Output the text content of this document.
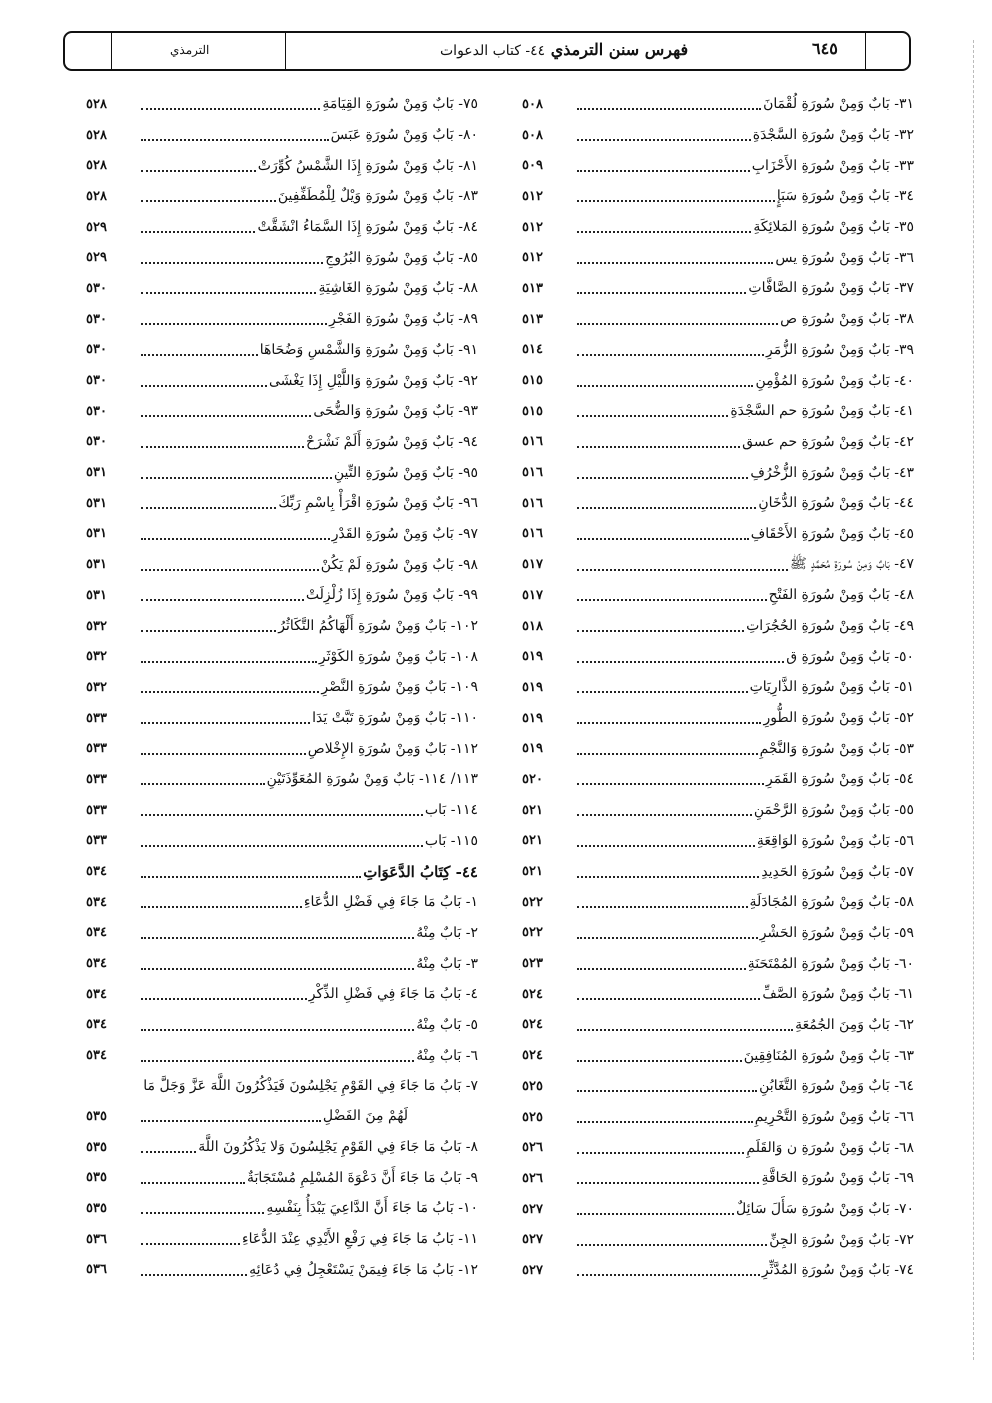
الترمذي	فهرس سنن الترمذي ٤٤- كتاب الدعوات	٦٤٥
٣١- بَابٌ وَمِنْ سُورَةِ لُقْمَانَ
٥٠٨
٣٢- بَابٌ وَمِنْ سُورَةِ السَّجْدَةِ
٥٠٨
٣٣- بَابٌ وَمِنْ سُورَةِ الأَحْزَابِ
٥٠٩
٣٤- بَابٌ وَمِنْ سُورَةِ سَبَإٍ
٥١٢
٣٥- بَابٌ وَمِنْ سُورَةِ المَلائِكَةِ
٥١٢
٣٦- بَابٌ وَمِنْ سُورَةِ يس
٥١٢
٣٧- بَابٌ وَمِنْ سُورَةِ الصَّافَّاتِ
٥١٣
٣٨- بَابٌ وَمِنْ سُورَةِ ص
٥١٣
٣٩- بَابٌ وَمِنْ سُورَةِ الزُّمَرِ
٥١٤
٤٠- بَابٌ وَمِنْ سُورَةِ المُؤْمِنِ
٥١٥
٤١- بَابٌ وَمِنْ سُورَةِ حم السَّجْدَةِ
٥١٥
٤٢- بَابٌ وَمِنْ سُورَةِ حم عسق
٥١٦
٤٣- بَابٌ وَمِنْ سُورَةِ الزُّخْرُفِ
٥١٦
٤٤- بَابٌ وَمِنْ سُورَةِ الدُّخَانِ
٥١٦
٤٥- بَابٌ وَمِنْ سُورَةِ الأَحْقَافِ
٥١٦
٤٧- بَابٌ وَمِنْ سُورَةِ مُحَمَّدٍ ﷺ
٥١٧
٤٨- بَابٌ وَمِنْ سُورَةِ الفَتْحِ
٥١٧
٤٩- بَابٌ وَمِنْ سُورَةِ الحُجُرَاتِ
٥١٨
٥٠- بَابٌ وَمِنْ سُورَةِ ق
٥١٩
٥١- بَابٌ وَمِنْ سُورَةِ الذَّارِيَاتِ
٥١٩
٥٢- بَابٌ وَمِنْ سُورَةِ الطُّورِ
٥١٩
٥٣- بَابٌ وَمِنْ سُورَةِ وَالنَّجْمِ
٥١٩
٥٤- بَابٌ وَمِنْ سُورَةِ القَمَرِ
٥٢٠
٥٥- بَابٌ وَمِنْ سُورَةِ الرَّحْمَنِ
٥٢١
٥٦- بَابٌ وَمِنْ سُورَةِ الوَاقِعَةِ
٥٢١
٥٧- بَابٌ وَمِنْ سُورَةِ الحَدِيدِ
٥٢١
٥٨- بَابٌ وَمِنْ سُورَةِ المُجَادَلَةِ
٥٢٢
٥٩- بَابٌ وَمِنْ سُورَةِ الحَشْرِ
٥٢٢
٦٠- بَابٌ وَمِنْ سُورَةِ المُمْتَحَنَةِ
٥٢٣
٦١- بَابٌ وَمِنْ سُورَةِ الصَّفِّ
٥٢٤
٦٢- بَابٌ وَمِنَ الجُمُعَةِ
٥٢٤
٦٣- بَابٌ وَمِنْ سُورَةِ المُنَافِقِينَ
٥٢٤
٦٤- بَابٌ وَمِنْ سُورَةِ التَّغَابُنِ
٥٢٥
٦٦- بَابٌ وَمِنْ سُورَةِ التَّحْرِيمِ
٥٢٥
٦٨- بَابٌ وَمِنْ سُورَةِ ن وَالقَلَمِ
٥٢٦
٦٩- بَابٌ وَمِنْ سُورَةِ الحَاقَّةِ
٥٢٦
٧٠- بَابٌ وَمِنْ سُورَةِ سَأَلَ سَائِلٌ
٥٢٧
٧٢- بَابٌ وَمِنْ سُورَةِ الجِنِّ
٥٢٧
٧٤- بَابٌ وَمِنْ سُورَةِ المُدَّثِّرِ
٥٢٧
٧٥- بَابٌ وَمِنْ سُورَةِ القِيَامَةِ
٥٢٨
٨٠- بَابٌ وَمِنْ سُورَةِ عَبَسَ
٥٢٨
٨١- بَابٌ وَمِنْ سُورَةِ إِذَا الشَّمْسُ كُوِّرَتْ
٥٢٨
٨٣- بَابٌ وَمِنْ سُورَةِ وَيْلٌ لِلْمُطَفِّفِينَ
٥٢٨
٨٤- بَابٌ وَمِنْ سُورَةِ إِذَا السَّمَاءُ انْشَقَّتْ
٥٢٩
٨٥- بَابٌ وَمِنْ سُورَةِ البُرُوجِ
٥٢٩
٨٨- بَابٌ وَمِنْ سُورَةِ الغَاشِيَةِ
٥٣٠
٨٩- بَابٌ وَمِنْ سُورَةِ الفَجْرِ
٥٣٠
٩١- بَابٌ وَمِنْ سُورَةِ وَالشَّمْسِ وَضُحَاهَا
٥٣٠
٩٢- بَابٌ وَمِنْ سُورَةِ وَاللَّيْلِ إِذَا يَغْشَى
٥٣٠
٩٣- بَابٌ وَمِنْ سُورَةِ وَالضُّحَى
٥٣٠
٩٤- بَابٌ وَمِنْ سُورَةِ أَلَمْ نَشْرَحْ
٥٣٠
٩٥- بَابٌ وَمِنْ سُورَةِ التِّينِ
٥٣١
٩٦- بَابٌ وَمِنْ سُورَةِ اقْرَأْ بِاسْمِ رَبِّكَ
٥٣١
٩٧- بَابٌ وَمِنْ سُورَةِ القَدْرِ
٥٣١
٩٨- بَابٌ وَمِنْ سُورَةِ لَمْ يَكُنْ
٥٣١
٩٩- بَابٌ وَمِنْ سُورَةِ إِذَا زُلْزِلَتْ
٥٣١
١٠٢- بَابٌ وَمِنْ سُورَةِ أَلْهَاكُمُ التَّكَاثُرُ
٥٣٢
١٠٨- بَابٌ وَمِنْ سُورَةِ الكَوْثَرِ
٥٣٢
١٠٩- بَابٌ وَمِنْ سُورَةِ النَّصْرِ
٥٣٢
١١٠- بَابٌ وَمِنْ سُورَةِ تَبَّتْ يَدَا
٥٣٣
١١٢- بَابٌ وَمِنْ سُورَةِ الإِخْلاصِ
٥٣٣
١١٣/ ١١٤- بَابٌ وَمِنْ سُورَةِ المُعَوِّذَتَيْنِ
٥٣٣
١١٤- بَاب
٥٣٣
١١٥- بَاب
٥٣٣
٤٤- كِتَابُ الدَّعَوَاتِ
٥٣٤
١- بَابُ مَا جَاءَ فِي فَضْلِ الدُّعَاءِ
٥٣٤
٢- بَابٌ مِنْهُ
٥٣٤
٣- بَابٌ مِنْهُ
٥٣٤
٤- بَابُ مَا جَاءَ فِي فَضْلِ الذِّكْرِ
٥٣٤
٥- بَابٌ مِنْهُ
٥٣٤
٦- بَابٌ مِنْهُ
٥٣٤
٧- بَابُ مَا جَاءَ فِي القَوْمِ يَجْلِسُونَ فَيَذْكُرُونَ اللَّهَ عَزَّ وَجَلَّ مَا
لَهُمْ مِنَ الفَضْلِ
٥٣٥
٨- بَابُ مَا جَاءَ فِي القَوْمِ يَجْلِسُونَ وَلا يَذْكُرُونَ اللَّهَ
٥٣٥
٩- بَابُ مَا جَاءَ أَنَّ دَعْوَةَ المُسْلِمِ مُسْتَجَابَةٌ
٥٣٥
١٠- بَابُ مَا جَاءَ أَنَّ الدَّاعِيَ يَبْدَأُ بِنَفْسِهِ
٥٣٥
١١- بَابُ مَا جَاءَ فِي رَفْعِ الأَيْدِي عِنْدَ الدُّعَاءِ
٥٣٦
١٢- بَابُ مَا جَاءَ فِيمَنْ يَسْتَعْجِلُ فِي دُعَائِهِ
٥٣٦
